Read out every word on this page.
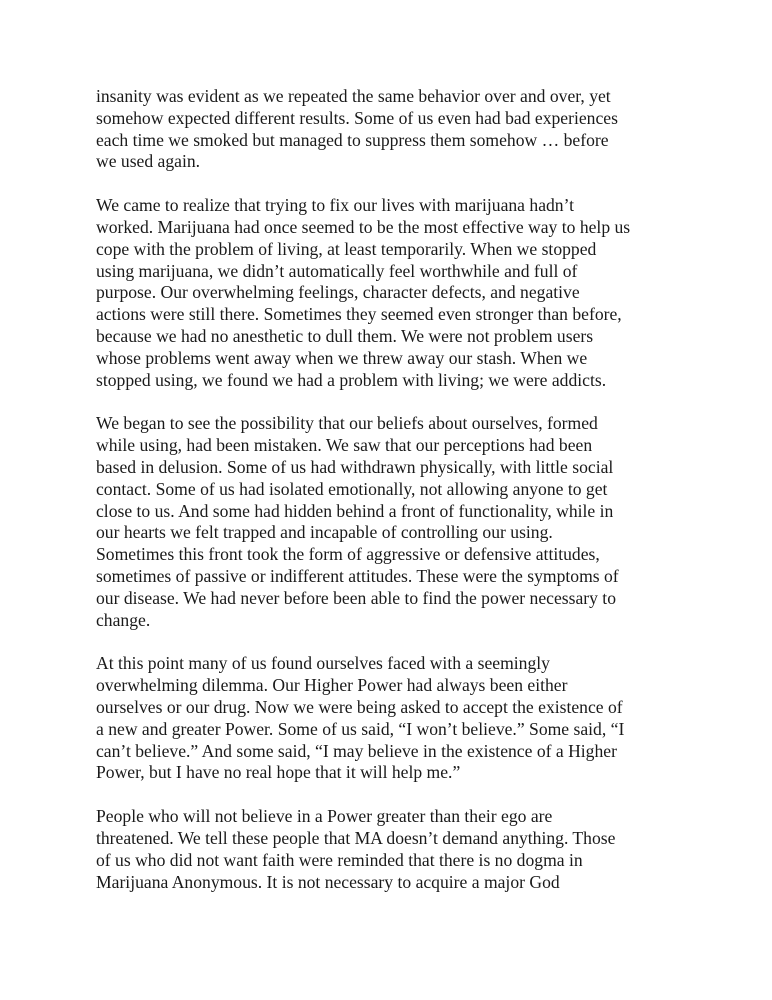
insanity was evident as we repeated the same behavior over and over, yet
somehow expected different results. Some of us even had bad experiences
each time we smoked but managed to suppress them somehow … before
we used again.

We came to realize that trying to fix our lives with marijuana hadn’t
worked. Marijuana had once seemed to be the most effective way to help us
cope with the problem of living, at least temporarily. When we stopped
using marijuana, we didn’t automatically feel worthwhile and full of
purpose. Our overwhelming feelings, character defects, and negative
actions were still there. Sometimes they seemed even stronger than before,
because we had no anesthetic to dull them. We were not problem users
whose problems went away when we threw away our stash. When we
stopped using, we found we had a problem with living; we were addicts.

We began to see the possibility that our beliefs about ourselves, formed
while using, had been mistaken. We saw that our perceptions had been
based in delusion. Some of us had withdrawn physically, with little social
contact. Some of us had isolated emotionally, not allowing anyone to get
close to us. And some had hidden behind a front of functionality, while in
our hearts we felt trapped and incapable of controlling our using.
Sometimes this front took the form of aggressive or defensive attitudes,
sometimes of passive or indifferent attitudes. These were the symptoms of
our disease. We had never before been able to find the power necessary to
change.

At this point many of us found ourselves faced with a seemingly
overwhelming dilemma. Our Higher Power had always been either
ourselves or our drug. Now we were being asked to accept the existence of
a new and greater Power. Some of us said, “I won’t believe.” Some said, “I
can’t believe.” And some said, “I may believe in the existence of a Higher
Power, but I have no real hope that it will help me.”

People who will not believe in a Power greater than their ego are
threatened. We tell these people that MA doesn’t demand anything. Those
of us who did not want faith were reminded that there is no dogma in
Marijuana Anonymous. It is not necessary to acquire a major God
